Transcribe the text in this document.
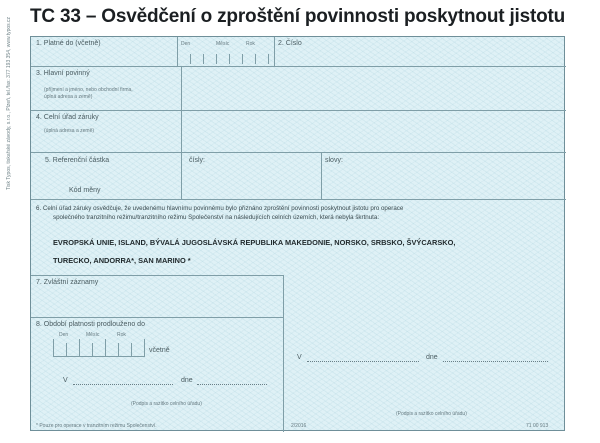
TC 33 – Osvědčení o zproštění povinnosti poskytnout jistotu
Tisk Typos, tiskařské závody, s.r.o., Plzeň, tel./fax: 377 193 354, www.typos.cz	1. Platné do (včetně)	Den	Měsíc	Rok	2. Číslo
3. Hlavní povinný
(příjmení a jméno, nebo obchodní firma,
úplná adresa a země)
4. Celní úřad záruky
(úplná adresa a země)
5. Referenční částka	čísly:	slovy:
Kód měny
6. Celní úřad záruky osvědčuje, že uvedenému hlavnímu povinnému bylo přiznáno zproštění povinnosti poskytnout jistotu pro operace
společného tranzitního režimu/tranzitního režimu Společenství na následujících celních územích, která nebyla škrtnuta:
EVROPSKÁ UNIE, ISLAND, BÝVALÁ JUGOSLÁVSKÁ REPUBLIKA MAKEDONIE, NORSKO, SRBSKO, ŠVÝCARSKO,
TURECKO, ANDORRA*, SAN MARINO *
7. Zvláštní záznamy
8. Období platnosti prodlouženo do
Den	Měsíc	Rok
včetně
V	dne
(Podpis a razítko celního úřadu)
V	dne
(Podpis a razítko celního úřadu)
* Pouze pro operace v tranzitním režimu Společenství.	2/2016	71 00 913
